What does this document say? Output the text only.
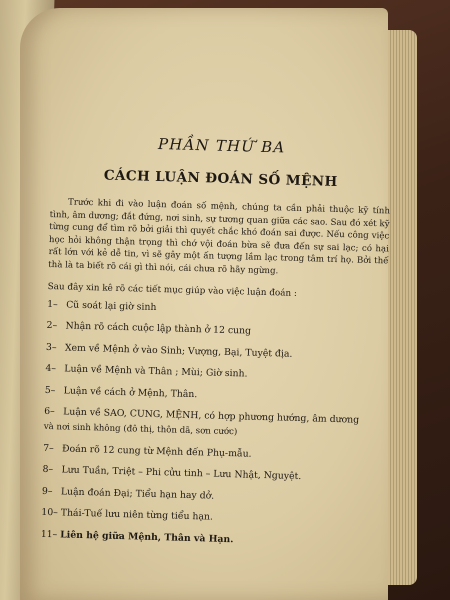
PHẦN THỨ BA
CÁCH LUẬN ĐOÁN SỐ MỆNH

Trước khi đi vào luận đoán số mệnh, chúng ta cần phải thuộc kỹ tính tình, âm dương; đắt đứng, nơi sinh, sự tương quan giữa các sao. Sau đó xét kỹ từng cung để tìm rõ bởi giải thì quyết chắc khó đoán sai được. Nếu công việc học hỏi không thận trọng thì chớ vội đoán bừa sẽ đưa đến sự sai lạc; có hại rất lớn với kẻ dễ tin, vì sẽ gây một ấn tượng lầm lạc trong tâm trí họ. Bởi thế thà là ta biết rõ cái gì thì nói, cái chưa rõ hãy ngừng.

Sau đây xin kê rõ các tiết mục giúp vào việc luận đoán :
1– Cũ soát lại giờ sinh
2– Nhận rõ cách cuộc lập thành ở 12 cung
3– Xem về Mệnh ở vào Sinh; Vượng, Bại, Tuyệt địa.
4– Luận về Mệnh và Thân ; Mùi; Giờ sinh.
5– Luận về cách ở Mệnh, Thân.
6– Luận về SAO, CUNG, MỆNH, có hợp phương hướng, âm dương
và nơi sinh không (đô thị, thôn dã, sơn cước)
7– Đoán rõ 12 cung từ Mệnh đến Phụ-mẫu.
8– Lưu Tuần, Triệt – Phi cửu tinh – Lưu Nhật, Nguyệt.
9– Luận đoán Đại; Tiểu hạn hay dở.
10– Thái-Tuế lưu niên từng tiểu hạn.
11– Liên hệ giữa Mệnh, Thân và Hạn.
